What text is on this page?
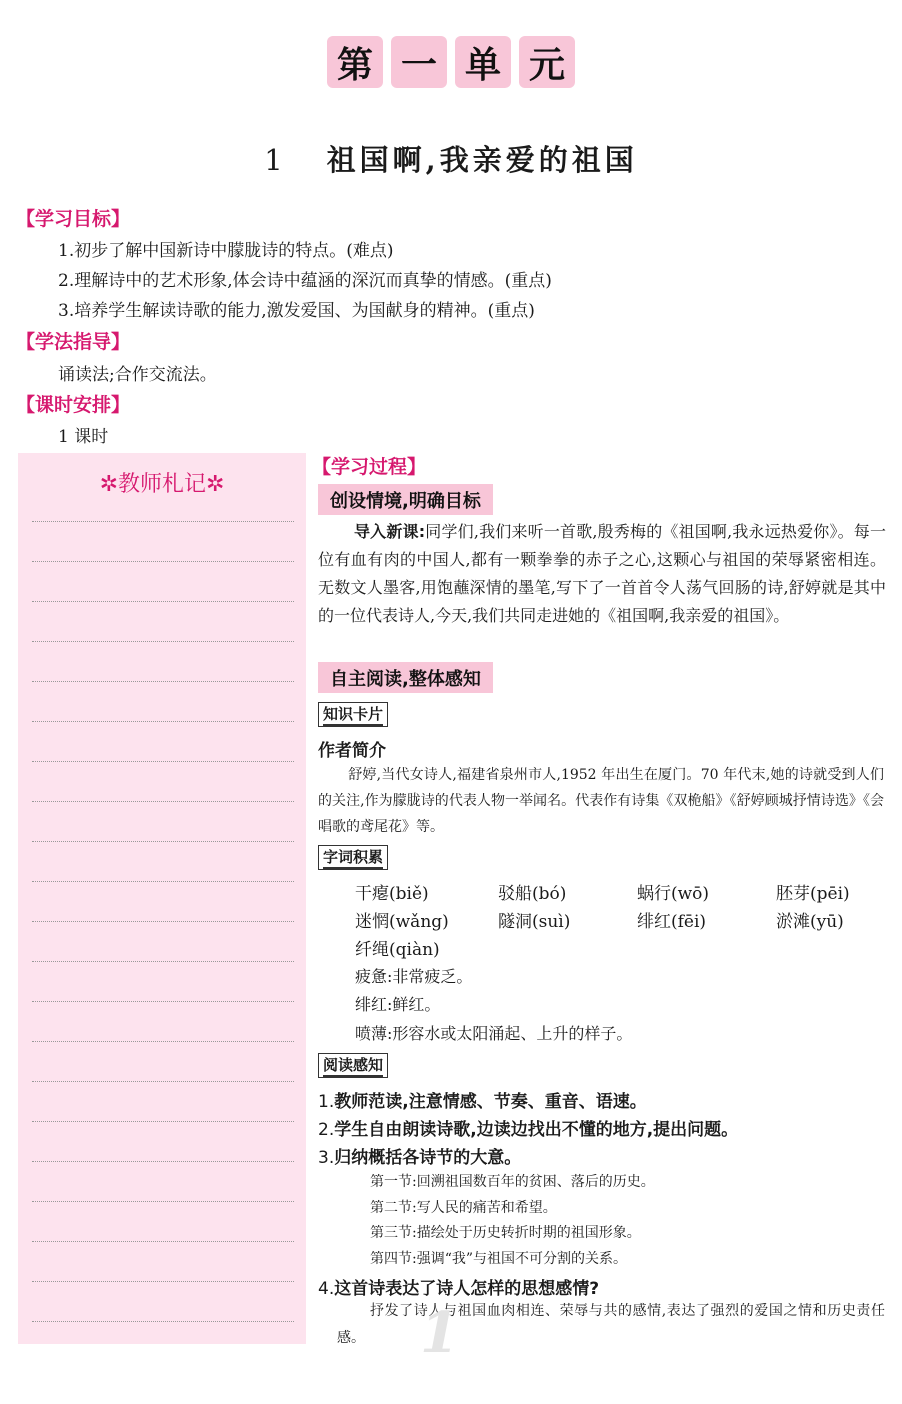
第 一 单 元
1 祖国啊,我亲爱的祖国
【学习目标】
1.初步了解中国新诗中朦胧诗的特点。(难点)
2.理解诗中的艺术形象,体会诗中蕴涵的深沉而真挚的情感。(重点)
3.培养学生解读诗歌的能力,激发爱国、为国献身的精神。(重点)
【学法指导】
诵读法;合作交流法。
【课时安排】
1 课时
✲教师札记✲
【学习过程】
创设情境,明确目标
导入新课:同学们,我们来听一首歌,殷秀梅的《祖国啊,我永远热爱你》。每一位有血有肉的中国人,都有一颗拳拳的赤子之心,这颗心与祖国的荣辱紧密相连。无数文人墨客,用饱蘸深情的墨笔,写下了一首首令人荡气回肠的诗,舒婷就是其中的一位代表诗人,今天,我们共同走进她的《祖国啊,我亲爱的祖国》。
自主阅读,整体感知
知识卡片
作者简介
舒婷,当代女诗人,福建省泉州市人,1952 年出生在厦门。70 年代末,她的诗就受到人们的关注,作为朦胧诗的代表人物一举闻名。代表作有诗集《双桅船》《舒婷顾城抒情诗选》《会唱歌的鸢尾花》等。
字词积累
干瘪(biě)	驳船(bó)	蜗行(wō)	胚芽(pēi)
迷惘(wǎng)	隧洞(suì)	绯红(fēi)	淤滩(yū)
纤绳(qiàn)
疲惫:非常疲乏。
绯红:鲜红。
喷薄:形容水或太阳涌起、上升的样子。
阅读感知
1.教师范读,注意情感、节奏、重音、语速。
2.学生自由朗读诗歌,边读边找出不懂的地方,提出问题。
3.归纳概括各诗节的大意。
第一节:回溯祖国数百年的贫困、落后的历史。
第二节:写人民的痛苦和希望。
第三节:描绘处于历史转折时期的祖国形象。
第四节:强调“我”与祖国不可分割的关系。
4.这首诗表达了诗人怎样的思想感情?
抒发了诗人与祖国血肉相连、荣辱与共的感情,表达了强烈的爱国之情和历史责任感。 1
